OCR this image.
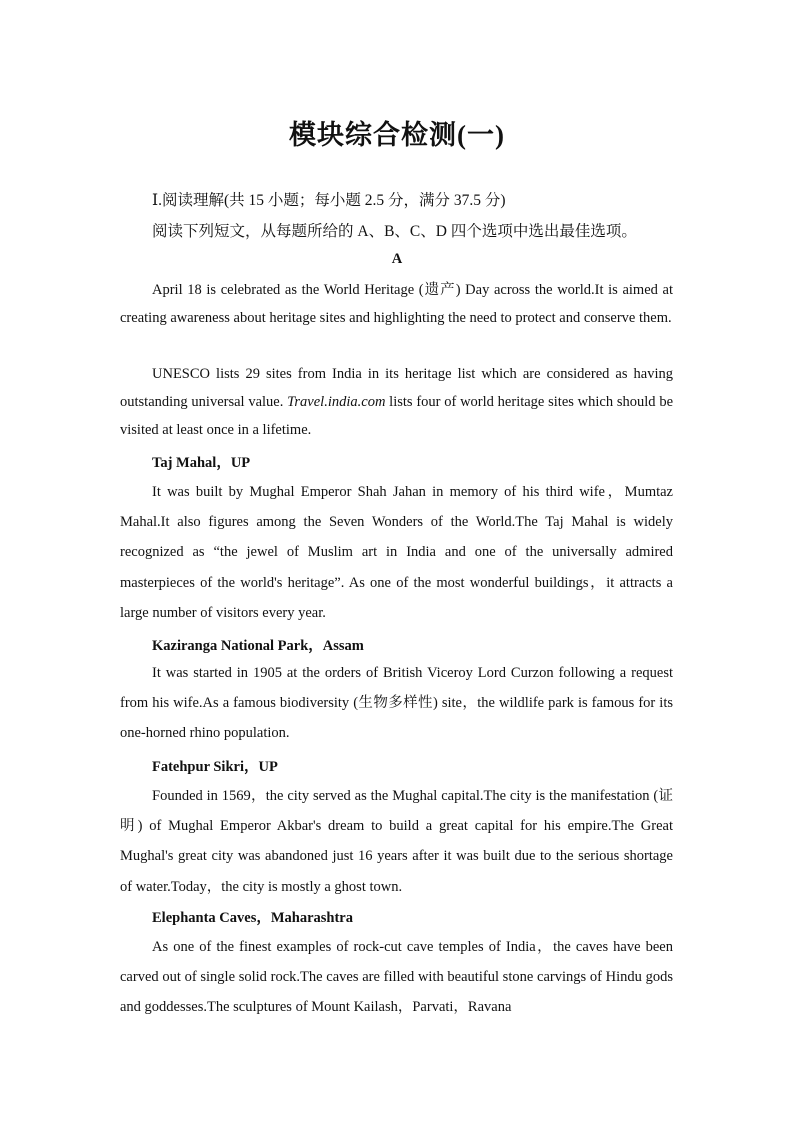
模块综合检测(一)
Ⅰ.阅读理解(共 15 小题；每小题 2.5 分，满分 37.5 分)
阅读下列短文，从每题所给的 A、B、C、D 四个选项中选出最佳选项。
A
April 18 is celebrated as the World Heritage (遗产) Day across the world.It is aimed at creating awareness about heritage sites and highlighting the need to protect and conserve them.
UNESCO lists 29 sites from India in its heritage list which are considered as having outstanding universal value. Travel.india.com lists four of world heritage sites which should be visited at least once in a lifetime.
Taj Mahal，UP
It was built by Mughal Emperor Shah Jahan in memory of his third wife，Mumtaz Mahal.It also figures among the Seven Wonders of the World.The Taj Mahal is widely recognized as “the jewel of Muslim art in India and one of the universally admired masterpieces of the world's heritage”. As one of the most wonderful buildings，it attracts a large number of visitors every year.
Kaziranga National Park，Assam
It was started in 1905 at the orders of British Viceroy Lord Curzon following a request from his wife.As a famous biodiversity (生物多样性) site，the wildlife park is famous for its one-horned rhino population.
Fatehpur Sikri，UP
Founded in 1569，the city served as the Mughal capital.The city is the manifestation (证明) of Mughal Emperor Akbar's dream to build a great capital for his empire.The Great Mughal's great city was abandoned just 16 years after it was built due to the serious shortage of water.Today，the city is mostly a ghost town.
Elephanta Caves，Maharashtra
As one of the finest examples of rock-cut cave temples of India，the caves have been carved out of single solid rock.The caves are filled with beautiful stone carvings of Hindu gods and goddesses.The sculptures of Mount Kailash，Parvati，Ravana
